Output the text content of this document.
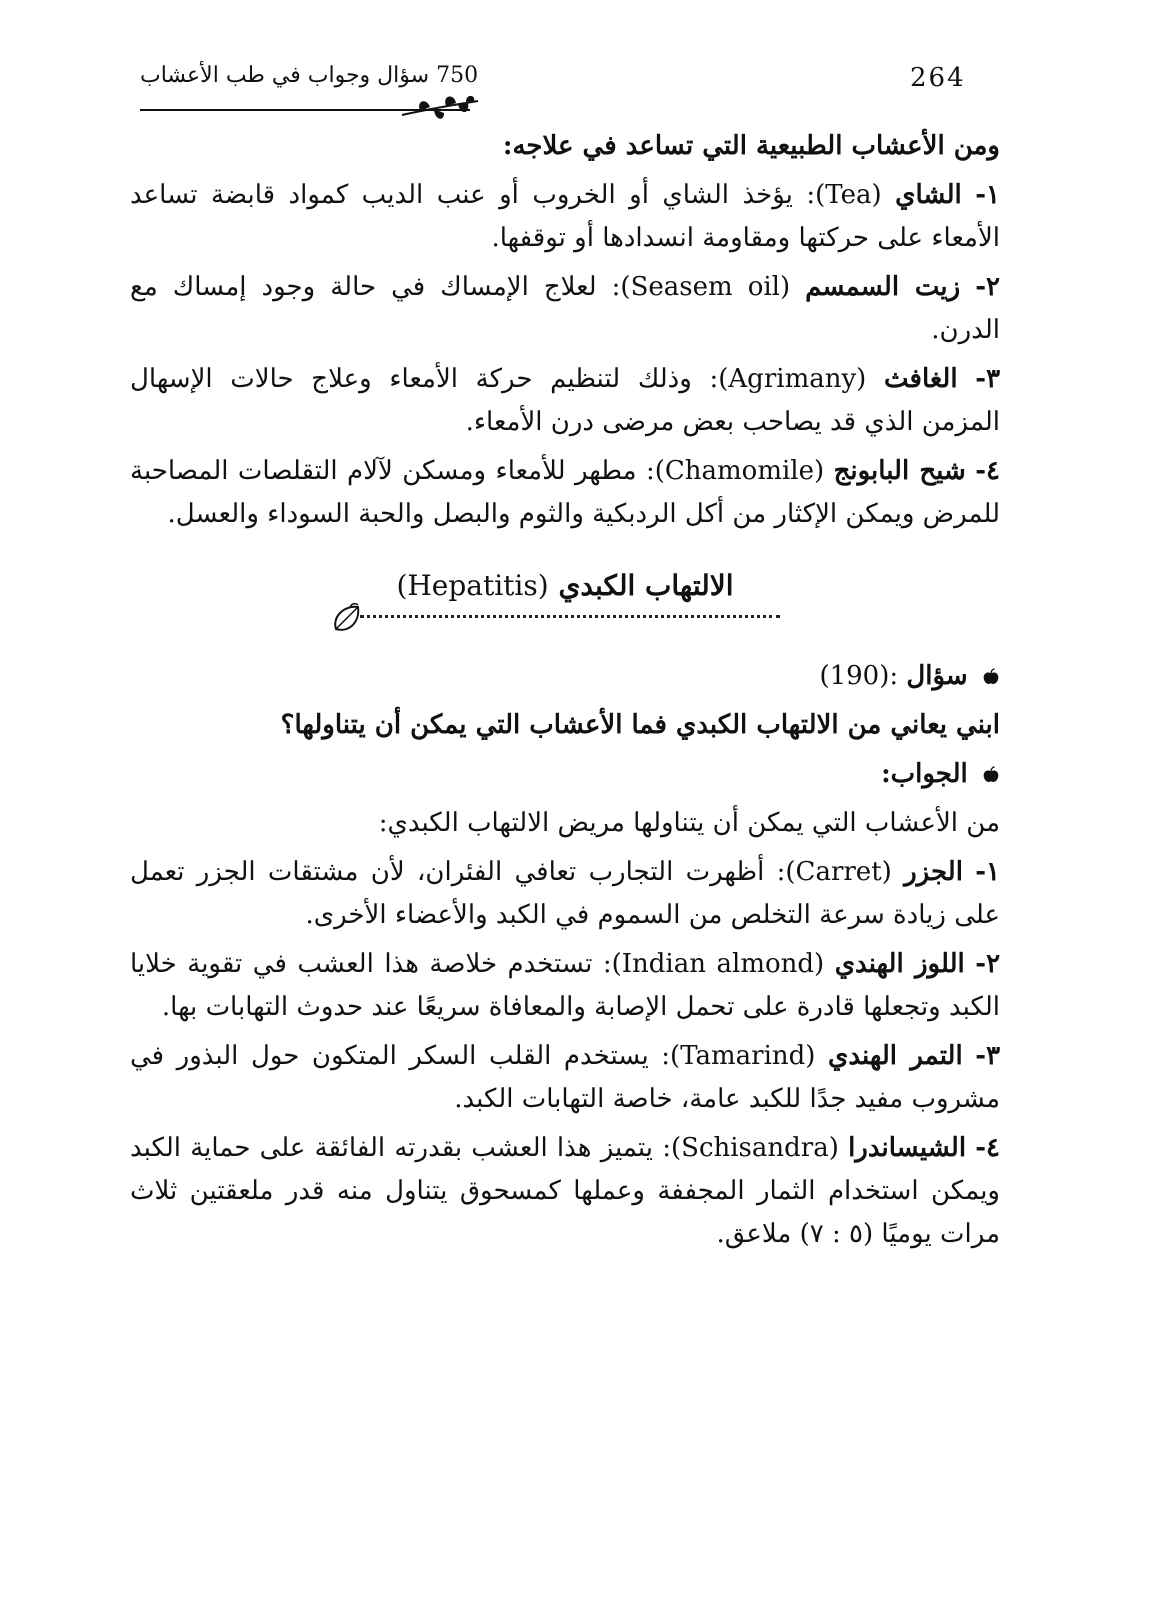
750 سؤال وجواب في طب الأعشاب	264

ومن الأعشاب الطبيعية التي تساعد في علاجه:

١- الشاي (Tea): يؤخذ الشاي أو الخروب أو عنب الديب كمواد قابضة تساعد الأمعاء على حركتها ومقاومة انسدادها أو توقفها.

٢- زيت السمسم (Seasem oil): لعلاج الإمساك في حالة وجود إمساك مع الدرن.

٣- الغافث (Agrimany): وذلك لتنظيم حركة الأمعاء وعلاج حالات الإسهال المزمن الذي قد يصاحب بعض مرضى درن الأمعاء.

٤- شيح البابونج (Chamomile): مطهر للأمعاء ومسكن لآلام التقلصات المصاحبة للمرض ويمكن الإكثار من أكل الردبكية والثوم والبصل والحبة السوداء والعسل.

الالتهاب الكبدي (Hepatitis)

سؤال (190):

ابني يعاني من الالتهاب الكبدي فما الأعشاب التي يمكن أن يتناولها؟

الجواب:

من الأعشاب التي يمكن أن يتناولها مريض الالتهاب الكبدي:

١- الجزر (Carret): أظهرت التجارب تعافي الفئران، لأن مشتقات الجزر تعمل على زيادة سرعة التخلص من السموم في الكبد والأعضاء الأخرى.

٢- اللوز الهندي (Indian almond): تستخدم خلاصة هذا العشب في تقوية خلايا الكبد وتجعلها قادرة على تحمل الإصابة والمعافاة سريعًا عند حدوث التهابات بها.

٣- التمر الهندي (Tamarind): يستخدم القلب السكر المتكون حول البذور في مشروب مفيد جدًا للكبد عامة، خاصة التهابات الكبد.

٤- الشيساندرا (Schisandra): يتميز هذا العشب بقدرته الفائقة على حماية الكبد ويمكن استخدام الثمار المجففة وعملها كمسحوق يتناول منه قدر ملعقتين ثلاث مرات يوميًا (٥ : ٧) ملاعق.
